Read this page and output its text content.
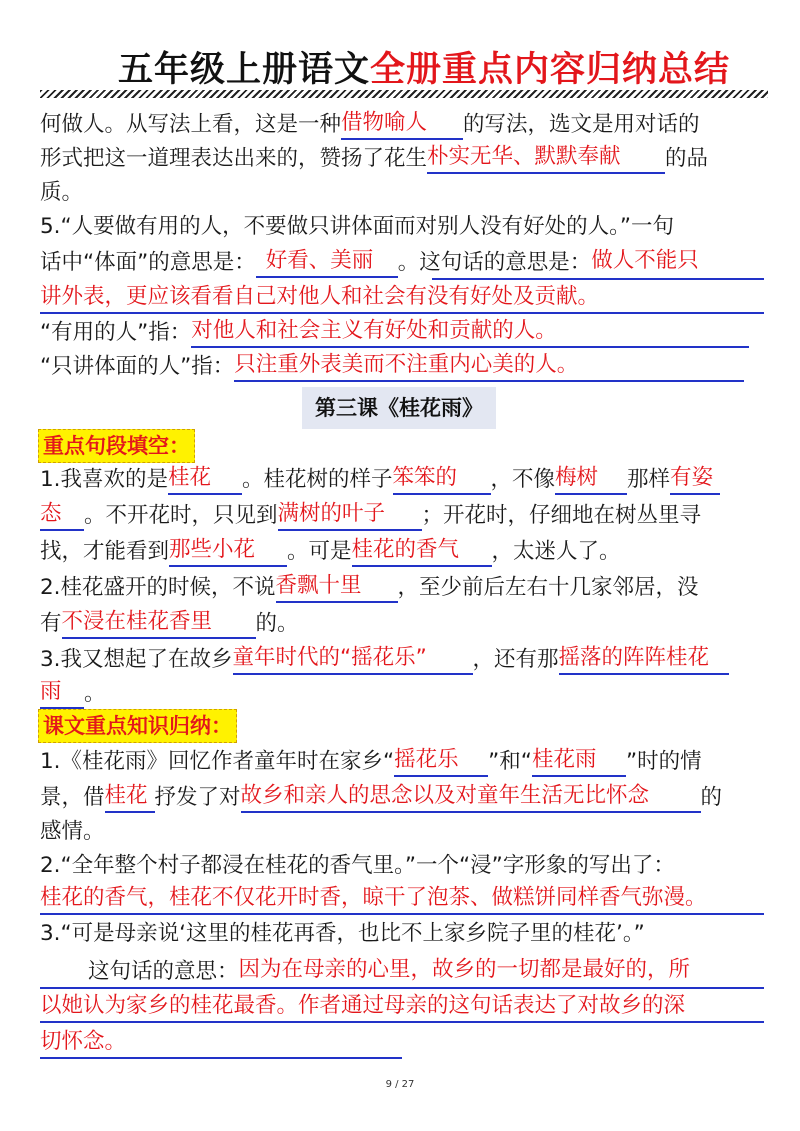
五年级上册语文全册重点内容归纳总结
何做人。从写法上看，这是一种借物喻人 的写法，选文是用对话的
形式把这一道理表达出来的，赞扬了花生朴实无华、默默奉献 的品
质。
5.“人要做有用的人，不要做只讲体面而对别人没有好处的人。”一句
话中“体面”的意思是： 好看、美丽 。这句话的意思是：做人不能只
讲外表，更应该看看自己对他人和社会有没有好处及贡献。
“有用的人”指：对他人和社会主义有好处和贡献的人。
“只讲体面的人”指：只注重外表美而不注重内心美的人。
第三课《桂花雨》
重点句段填空：
1.我喜欢的是桂花 。桂花树的样子笨笨的 ，不像梅树 那样有姿
态 。不开花时，只见到满树的叶子 ；开花时，仔细地在树丛里寻
找，才能看到那些小花 。可是桂花的香气 ，太迷人了。
2.桂花盛开的时候，不说香飘十里 ，至少前后左右十几家邻居，没
有不浸在桂花香里 的。
3.我又想起了在故乡童年时代的“摇花乐” ，还有那摇落的阵阵桂花
雨 。
课文重点知识归纳：
1.《桂花雨》回忆作者童年时在家乡“摇花乐 ”和“桂花雨 ”时的情
景，借桂花 抒发了对故乡和亲人的思念以及对童年生活无比怀念 的
感情。
2.“全年整个村子都浸在桂花的香气里。”一个“浸”字形象的写出了：
桂花的香气，桂花不仅花开时香，晾干了泡茶、做糕饼同样香气弥漫。
3.“可是母亲说‘这里的桂花再香，也比不上家乡院子里的桂花’。”
这句话的意思：因为在母亲的心里，故乡的一切都是最好的，所
以她认为家乡的桂花最香。作者通过母亲的这句话表达了对故乡的深
切怀念。
9 / 27
